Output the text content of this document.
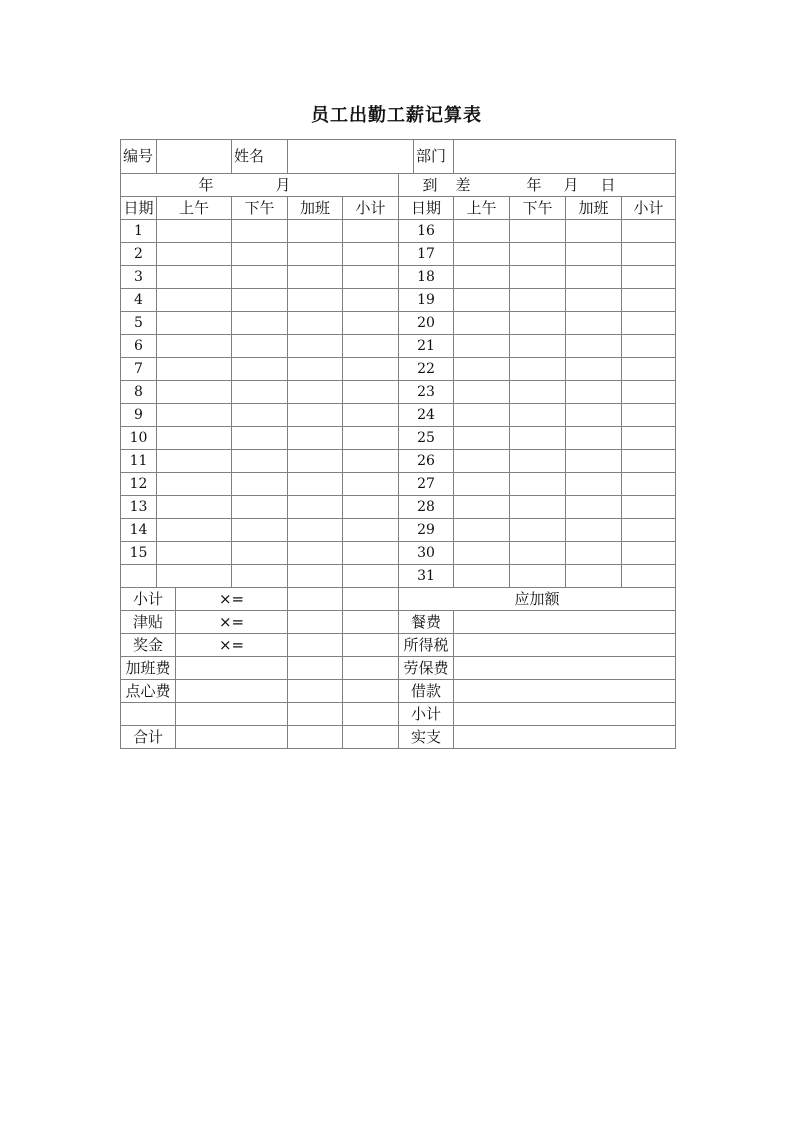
员工出勤工薪记算表
编号			姓名				部门				
年 月						到 差 年 月 日					
日期	上午		下午	加班	小计	日期		上午	下午	加班	小计
1						16					
2						17					
3						18					
4						19					
5						20					
6						21					
7						22					
8						23					
9						24					
10						25					
11						26					
12						27					
13						28					
14						29					
15						30					
						31					
小计		×=				应加额					
津贴		×=				餐费					
奖金		×=				所得税					
加班费						劳保费					
点心费						借款					
						小计					
合计						实支					
